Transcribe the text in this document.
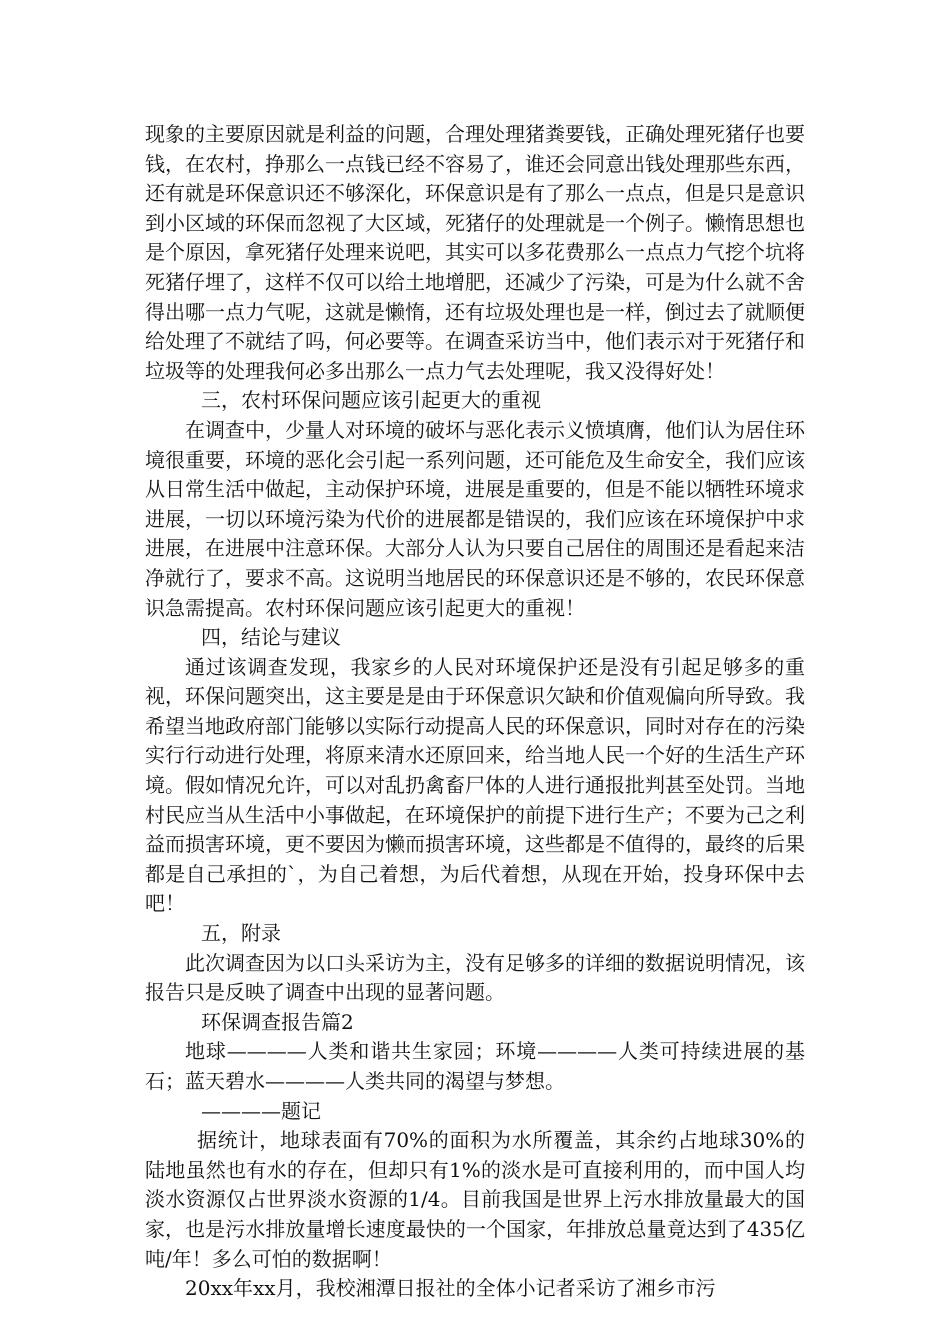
现象的主要原因就是利益的问题，合理处理猪粪要钱，正确处理死猪仔也要钱，在农村，挣那么一点钱已经不容易了，谁还会同意出钱处理那些东西，还有就是环保意识还不够深化，环保意识是有了那么一点点，但是只是意识到小区域的环保而忽视了大区域，死猪仔的处理就是一个例子。懒惰思想也是个原因，拿死猪仔处理来说吧，其实可以多花费那么一点点力气挖个坑将死猪仔埋了，这样不仅可以给土地增肥，还减少了污染，可是为什么就不舍得出哪一点力气呢，这就是懒惰，还有垃圾处理也是一样，倒过去了就顺便给处理了不就结了吗，何必要等。在调查采访当中，他们表示对于死猪仔和垃圾等的处理我何必多出那么一点力气去处理呢，我又没得好处！

三，农村环保问题应该引起更大的重视

在调查中，少量人对环境的破坏与恶化表示义愤填膺，他们认为居住环境很重要，环境的恶化会引起一系列问题，还可能危及生命安全，我们应该从日常生活中做起，主动保护环境，进展是重要的，但是不能以牺牲环境求进展，一切以环境污染为代价的进展都是错误的，我们应该在环境保护中求进展，在进展中注意环保。大部分人认为只要自己居住的周围还是看起来洁净就行了，要求不高。这说明当地居民的环保意识还是不够的，农民环保意识急需提高。农村环保问题应该引起更大的重视！

四，结论与建议

通过该调查发现，我家乡的人民对环境保护还是没有引起足够多的重视，环保问题突出，这主要是是由于环保意识欠缺和价值观偏向所导致。我希望当地政府部门能够以实际行动提高人民的环保意识，同时对存在的污染实行行动进行处理，将原来清水还原回来，给当地人民一个好的生活生产环境。假如情况允许，可以对乱扔禽畜尸体的人进行通报批判甚至处罚。当地村民应当从生活中小事做起，在环境保护的前提下进行生产；不要为己之利益而损害环境，更不要因为懒而损害环境，这些都是不值得的，最终的后果都是自己承担的`，为自己着想，为后代着想，从现在开始，投身环保中去吧！

五，附录

此次调查因为以口头采访为主，没有足够多的详细的数据说明情况，该报告只是反映了调查中出现的显著问题。

环保调查报告篇2

地球————人类和谐共生家园；环境————人类可持续进展的基石；蓝天碧水————人类共同的渴望与梦想。

————题记

据统计，地球表面有70%的面积为水所覆盖，其余约占地球30%的陆地虽然也有水的存在，但却只有1%的淡水是可直接利用的，而中国人均淡水资源仅占世界淡水资源的1/4。目前我国是世界上污水排放量最大的国家，也是污水排放量增长速度最快的一个国家，年排放总量竟达到了435亿吨/年！多么可怕的数据啊！

20xx年xx月，我校湘潭日报社的全体小记者采访了湘乡市污
